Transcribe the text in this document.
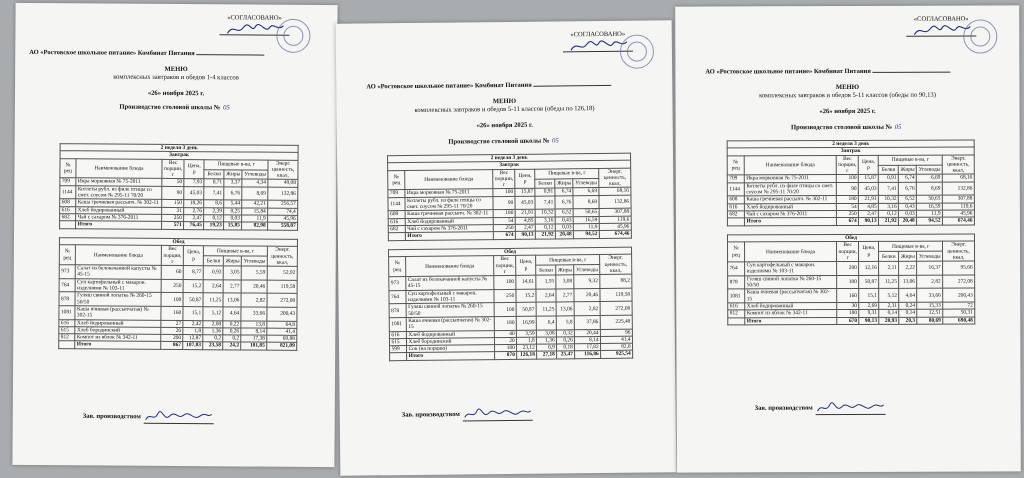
«СОГЛАСОВАНО»
АО «Ростовское школьное питание» Комбинат Питания
МЕНЮ
комплексных завтраков и обедов 1-4 классов
«26» ноября 2025 г.
Производство столовой школы № 05
2 неделя 3 день							
Завтрак							
№ рец	Наименование блюда	Вес порции, г	Цена, р	Пищевые в-ва, г			Энерг. ценность, ккал,
				Белки	Жиры	Углеводы	
709	Икра морковная № 75-2011	50	7,93	0,71	3,37	4,34	49,08
1144	Котлеты рубл. из филе птицы со смет. соусом № 295-11 70/20	90	45,03	7,41	6,76	8,69	132,86
608	Каша гречневая рассыпч. № 302-11	150	18,26	8,6	5,44	42,21	256,57
616	Хлеб йодированный	31	2,76	2,39	0,25	15,84	74,4
682	Чай с сахаром № 376-2011	250	2,47	0,12	0,03	11,9	45,96
	Итого	571	76,45	19,23	15,85	82,98	558,87
Обед							
№ рец	Наименование блюда	Вес порции, г	Цена, р	Пищевые в-ва, г			Энерг. ценность, ккал,
				Белки	Жиры	Углеводы	
973	Салат из белокачанной капусты № 45-15	60	8,77	0,93	3,05	5,59	52,92
764	Суп картофельный с макарон. изделиями № 103-11	250	15,2	2,64	2,77	20,46	119,58
878	Гуляш свиной лопатка № 260-15 50/50	100	50,87	11,25	13,06	2,82	272,08
1081	Каша ячневая (рассыпчатая) № 302-15	160	15,1	5,12	4,64	33,66	200,43
616	Хлеб йодированный	27	2,42	2,08	0,22	13,8	64,8
615	Хлеб бородинский	20	1,8	1,36	0,26	8,14	41,4
812	Компот из яблок № 342-11	200	12,87	0,2	0,2	17,38	69,88
	Итого	867	107,03	23,58	24,2	101,85	821,09
Зав. производством
«СОГЛАСОВАНО»
АО «Ростовское школьное питание» Комбинат Питания
МЕНЮ
комплексных завтраков и обедов 5-11 классов (обеды по 126,18)
«26» ноября 2025 г.
Производство столовой школы № 05
2 неделя 3 день							
Завтрак							
№ рец	Наименование блюда	Вес порции, г	Цена, р	Пищевые в-ва, г			Энерг. ценность, ккал,
				Белки	Жиры	Углеводы	
709	Икра морковная № 75-2011	100	15,87	0,91	6,74	6,69	68,16
1144	Котлеты рубл. из филе птицы со смет. соусом № 295-11 70/20	90	45,03	7,41	6,76	8,69	132,86
608	Каша гречневая рассыпч. № 302-11	180	21,91	10,32	6,52	50,65	307,88
616	Хлеб йодированный	54	4,85	3,16	0,43	16,59	119,6
682	Чай с сахаром № 376-2011	250	2,47	0,12	0,03	11,9	45,96
	Итого	674	90,13	21,92	20,48	94,52	674,46
Обед							
№ рец	Наименование блюда	Вес порции, г	Цена, р	Пищевые в-ва, г			Энерг. ценность, ккал,
				Белки	Жиры	Углеводы	
973	Салат из белокачанной капусты № 45-15	100	14,61	1,55	3,08	9,32	88,2
764	Суп картофельный с макарон. изделиями № 103-11	250	15,2	2,64	2,77	20,46	119,58
878	Гуляш свиной лопатка № 260-15 50/50	100	50,87	11,25	13,06	2,82	272,08
1081	Каша ячневая (рассыпчатая) № 302-15	180	16,99	6,4	5,8	37,86	225,48
616	Хлеб йодированный	40	3,59	3,08	0,32	20,44	96
615	Хлеб бородинский	20	1,8	1,36	0,26	8,14	41,4
599	Сок (на порцию)	180	23,12	0,9	0,18	17,82	82,8
	Итого	870	126,18	27,18	25,47	116,86	925,54
Зав. производством
«СОГЛАСОВАНО»
АО «Ростовское школьное питание» Комбинат Питания
МЕНЮ
комплексных завтраков и обедов 5-11 классов (обеды по 90,13)
«26» ноября 2025 г.
Производство столовой школы № 05
2 неделя 3 день							
Завтрак							
№ рец	Наименование блюда	Вес порции, г	Цена, р	Пищевые в-ва, г			Энерг. ценность, ккал,
				Белки	Жиры	Углеводы	
709	Икра морковная № 75-2011	100	15,87	0,91	6,74	6,69	68,16
1144	Котлеты рубл. из филе птицы со смет. соусом № 295-11 70/20	90	45,03	7,41	6,76	8,69	132,86
608	Каша гречневая рассыпч. № 302-11	180	21,91	10,32	6,52	50,65	307,88
616	Хлеб йодированный	54	4,85	3,16	0,43	16,59	119,6
682	Чай с сахаром № 376-2011	250	2,47	0,12	0,03	11,9	45,96
	Итого	674	90,13	21,92	20,48	94,52	674,46
Обед							
№ рец	Наименование блюда	Вес порции, г	Цена, р	Пищевые в-ва, г			Энерг. ценность, ккал,
				Белки	Жиры	Углеводы	
764	Суп картофельный с макарон. изделиями № 103-11	200	12,16	2,11	2,22	16,37	95,66
878	Гуляш свиной лопатка № 260-15 50/50	100	50,87	11,25	13,06	2,82	272,08
1081	Каша ячневая (рассыпчатая) № 302-15	160	15,1	5,12	4,64	33,66	200,43
616	Хлеб йодированный	30	2,69	2,31	0,24	15,33	72
812	Компот из яблок № 342-11	180	9,31	0,14	0,14	12,51	50,31
	Итого	670	90,13	20,93	20,3	80,69	690,48
Зав. производством
